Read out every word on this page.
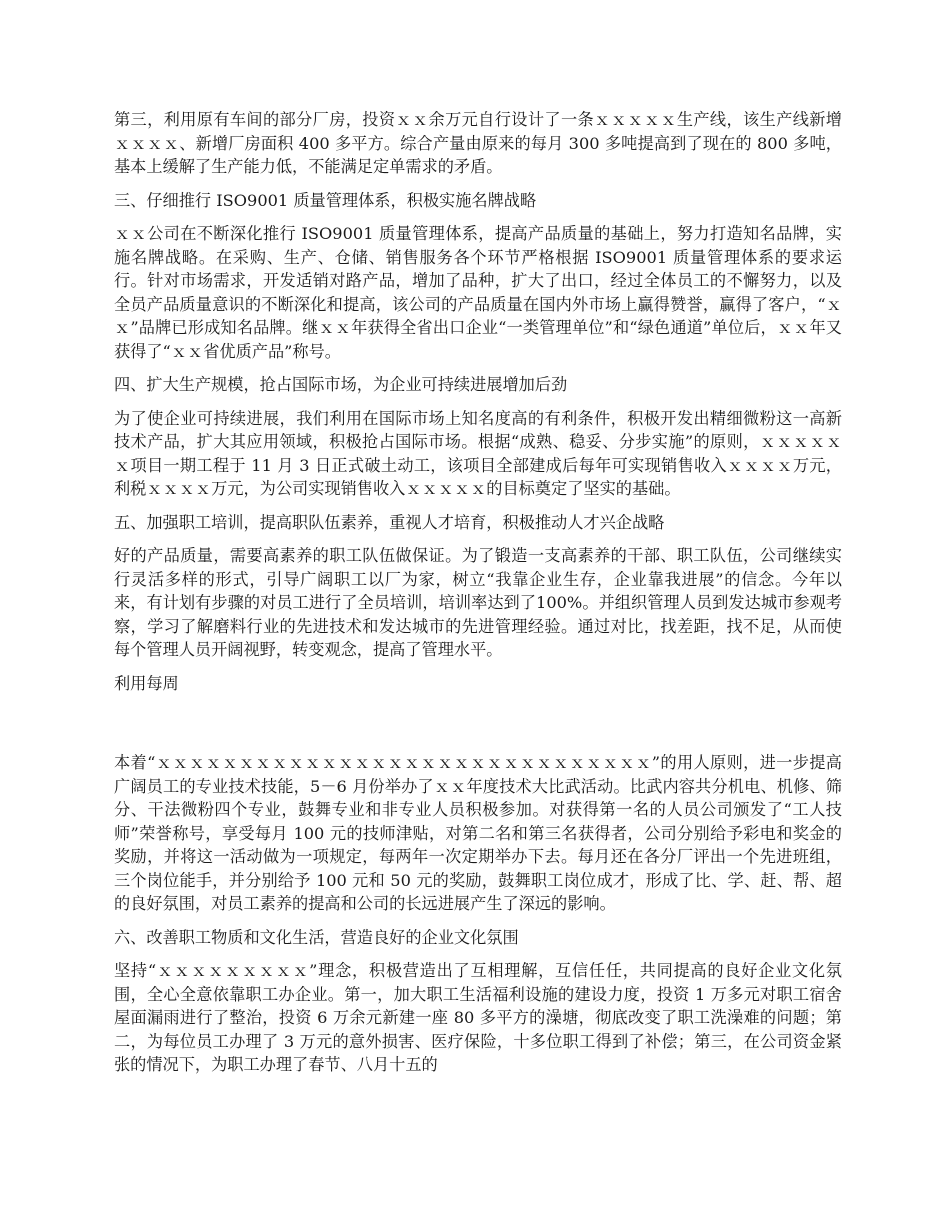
第三，利用原有车间的部分厂房，投资ｘｘ余万元自行设计了一条ｘｘｘｘｘ生产线，该生产线新增ｘｘｘｘ、新增厂房面积 400 多平方。综合产量由原来的每月 300 多吨提高到了现在的 800 多吨，基本上缓解了生产能力低，不能满足定单需求的矛盾。

三、仔细推行 ISO9001 质量管理体系，积极实施名牌战略

ｘｘ公司在不断深化推行 ISO9001 质量管理体系，提高产品质量的基础上，努力打造知名品牌，实施名牌战略。在采购、生产、仓储、销售服务各个环节严格根据 ISO9001 质量管理体系的要求运行。针对市场需求，开发适销对路产品，增加了品种，扩大了出口，经过全体员工的不懈努力，以及全员产品质量意识的不断深化和提高，该公司的产品质量在国内外市场上赢得赞誉，赢得了客户，“ｘｘ”品牌已形成知名品牌。继ｘｘ年获得全省出口企业“一类管理单位”和“绿色通道”单位后，ｘｘ年又获得了“ｘｘ省优质产品”称号。

四、扩大生产规模，抢占国际市场，为企业可持续进展增加后劲

为了使企业可持续进展，我们利用在国际市场上知名度高的有利条件，积极开发出精细微粉这一高新技术产品，扩大其应用领域，积极抢占国际市场。根据“成熟、稳妥、分步实施”的原则，ｘｘｘｘｘｘ项目一期工程于 11 月 3 日正式破土动工，该项目全部建成后每年可实现销售收入ｘｘｘｘ万元，利税ｘｘｘｘ万元，为公司实现销售收入ｘｘｘｘｘ的目标奠定了坚实的基础。

五、加强职工培训，提高职队伍素养，重视人才培育，积极推动人才兴企战略

好的产品质量，需要高素养的职工队伍做保证。为了锻造一支高素养的干部、职工队伍，公司继续实行灵活多样的形式，引导广阔职工以厂为家，树立“我靠企业生存，企业靠我进展”的信念。今年以来，有计划有步骤的对员工进行了全员培训，培训率达到了100%。并组织管理人员到发达城市参观考察，学习了解磨料行业的先进技术和发达城市的先进管理经验。通过对比，找差距，找不足，从而使每个管理人员开阔视野，转变观念，提高了管理水平。

利用每周

本着“ｘｘｘｘｘｘｘｘｘｘｘｘｘｘｘｘｘｘｘｘｘｘｘｘｘｘｘｘｘｘ”的用人原则，进一步提高广阔员工的专业技术技能，5－6 月份举办了ｘｘ年度技术大比武活动。比武内容共分机电、机修、筛分、干法微粉四个专业，鼓舞专业和非专业人员积极参加。对获得第一名的人员公司颁发了“工人技师”荣誉称号，享受每月 100 元的技师津贴，对第二名和第三名获得者，公司分别给予彩电和奖金的奖励，并将这一活动做为一项规定，每两年一次定期举办下去。每月还在各分厂评出一个先进班组，三个岗位能手，并分别给予 100 元和 50 元的奖励，鼓舞职工岗位成才，形成了比、学、赶、帮、超的良好氛围，对员工素养的提高和公司的长远进展产生了深远的影响。

六、改善职工物质和文化生活，营造良好的企业文化氛围

坚持“ｘｘｘｘｘｘｘｘｘ”理念，积极营造出了互相理解，互信任任，共同提高的良好企业文化氛围，全心全意依靠职工办企业。第一，加大职工生活福利设施的建设力度，投资 1 万多元对职工宿舍屋面漏雨进行了整治，投资 6 万余元新建一座 80 多平方的澡塘，彻底改变了职工洗澡难的问题；第二，为每位员工办理了 3 万元的意外损害、医疗保险，十多位职工得到了补偿；第三，在公司资金紧张的情况下，为职工办理了春节、八月十五的
